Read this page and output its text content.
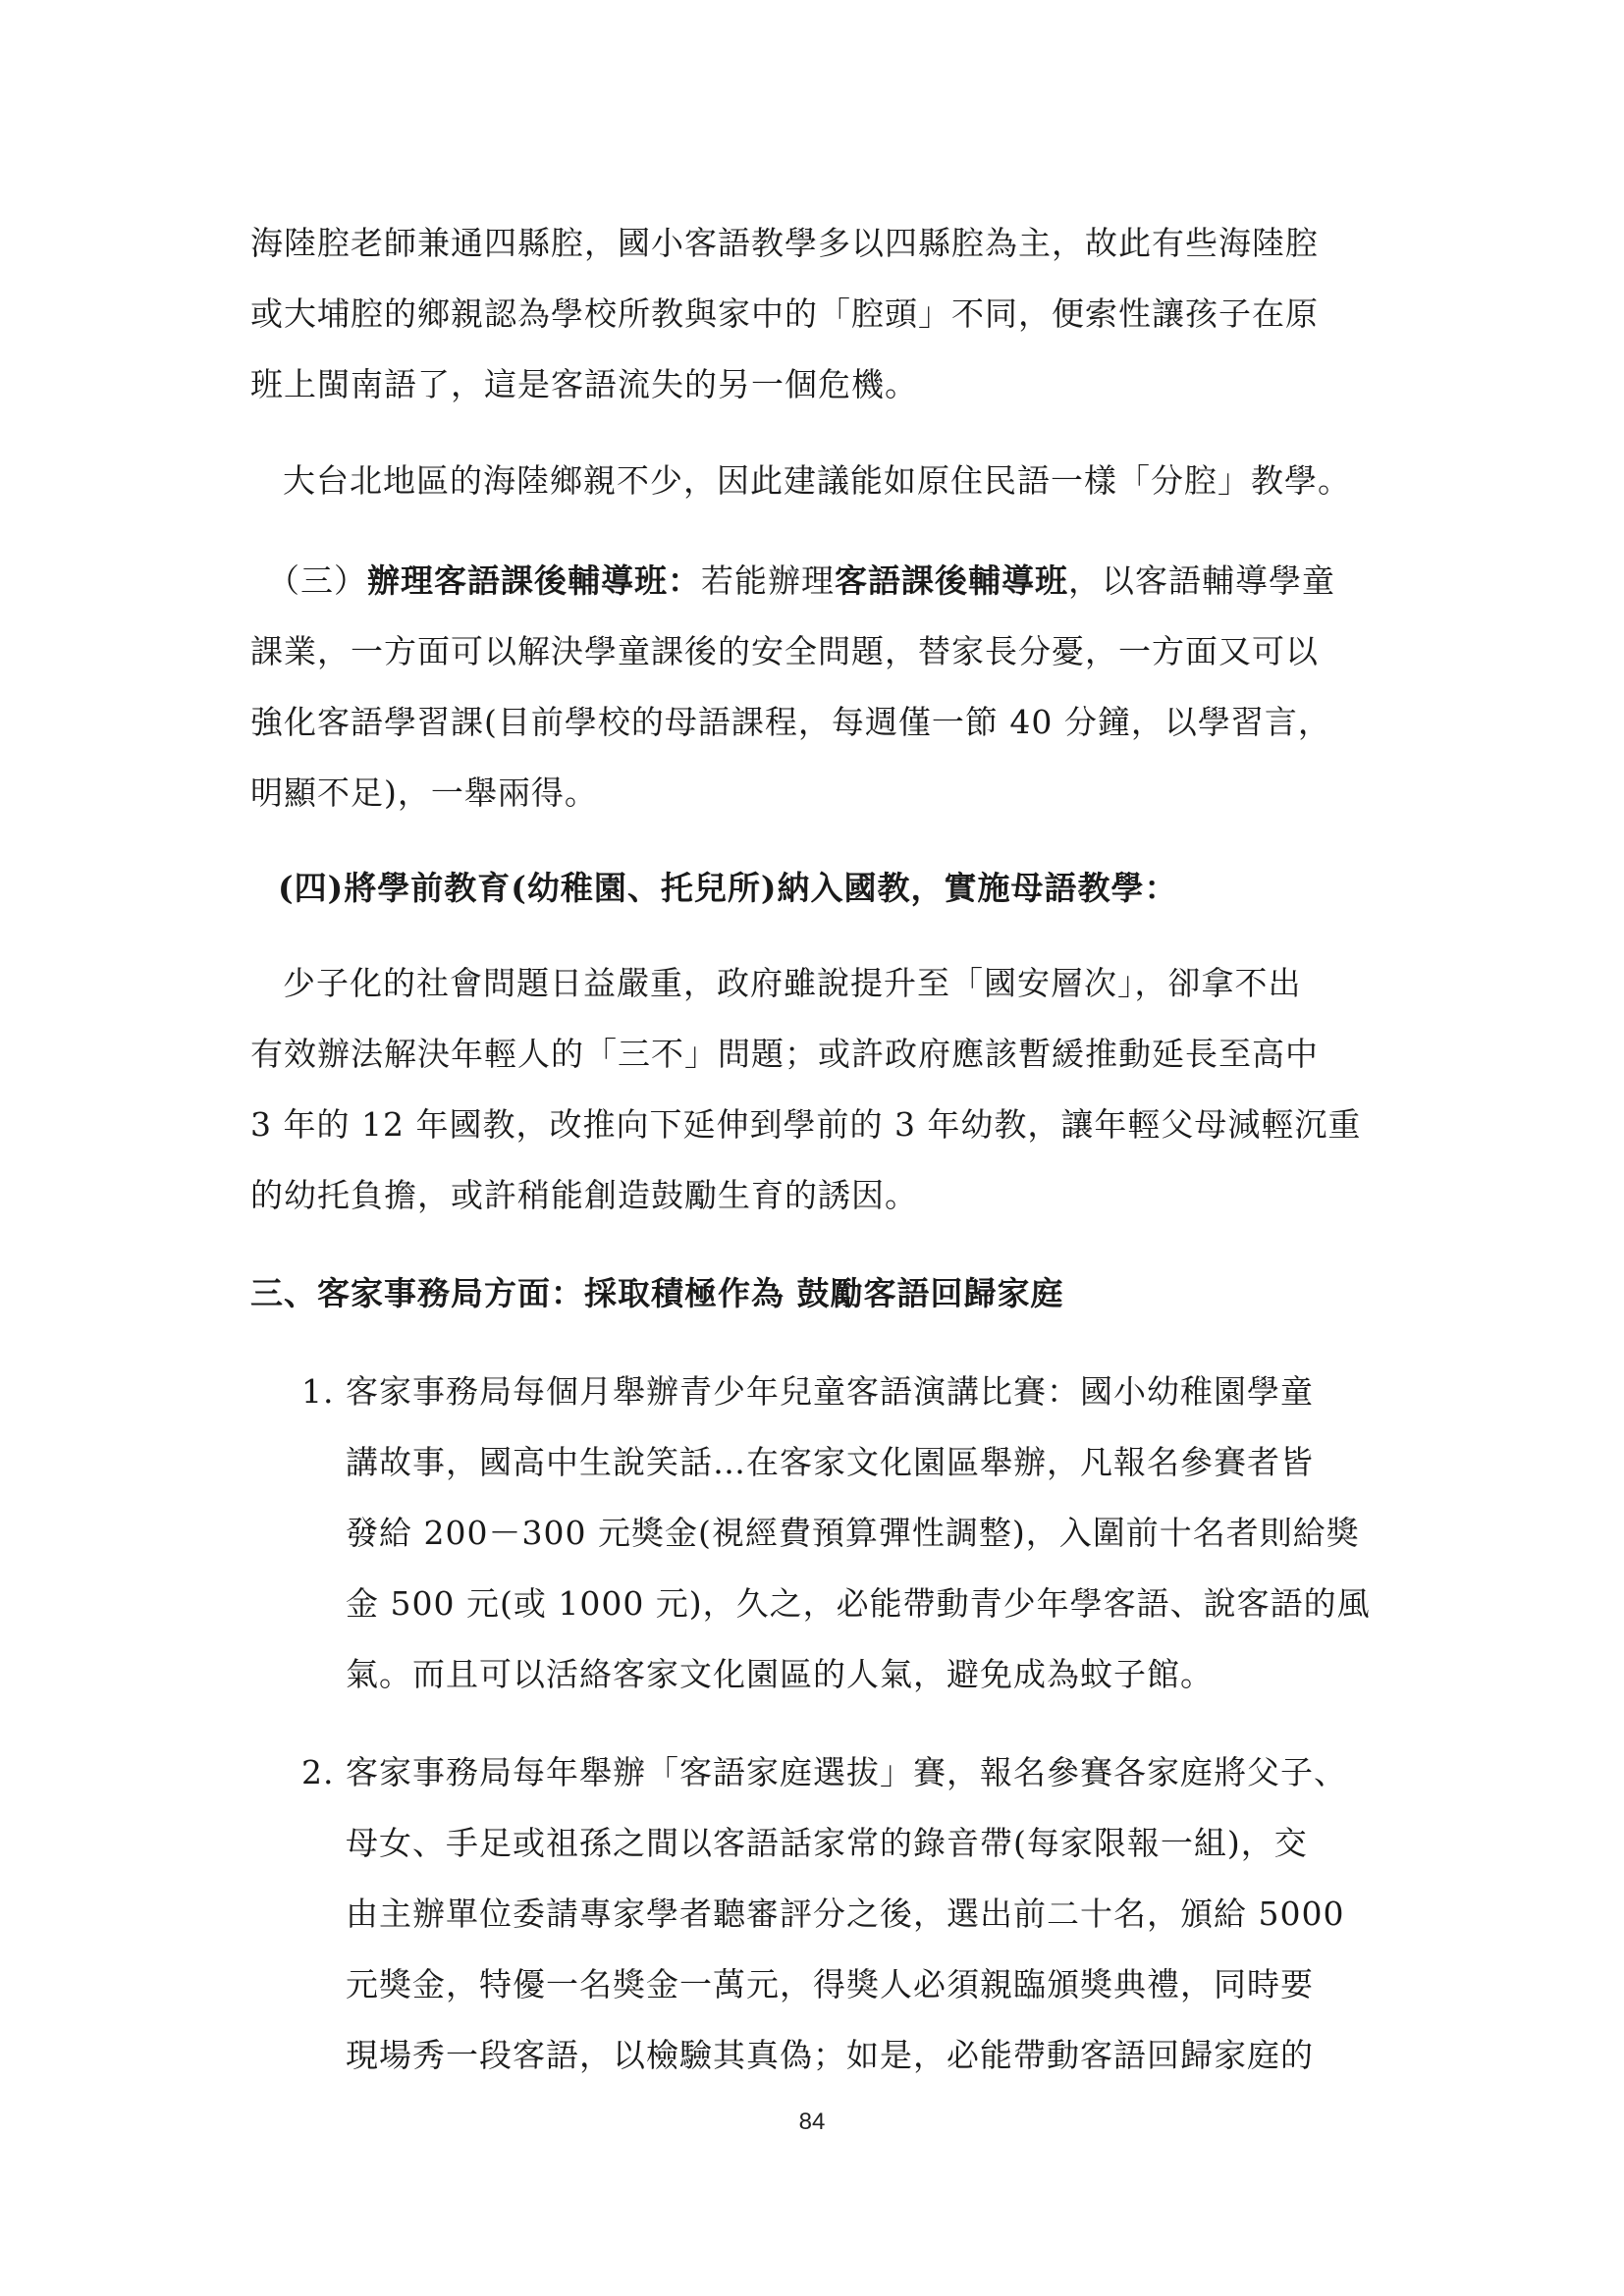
海陸腔老師兼通四縣腔，國小客語教學多以四縣腔為主，故此有些海陸腔
或大埔腔的鄉親認為學校所教與家中的「腔頭」不同，便索性讓孩子在原
班上閩南語了，這是客語流失的另一個危機。
大台北地區的海陸鄉親不少，因此建議能如原住民語一樣「分腔」教學。
（三）辦理客語課後輔導班：若能辦理客語課後輔導班，以客語輔導學童
課業，一方面可以解決學童課後的安全問題，替家長分憂，一方面又可以
強化客語學習課(目前學校的母語課程，每週僅一節 40 分鐘，以學習言，
明顯不足)，一舉兩得。
(四)將學前教育(幼稚園、托兒所)納入國教，實施母語教學：
少子化的社會問題日益嚴重，政府雖說提升至「國安層次」，卻拿不出
有效辦法解決年輕人的「三不」問題；或許政府應該暫緩推動延長至高中
3 年的 12 年國教，改推向下延伸到學前的 3 年幼教，讓年輕父母減輕沉重
的幼托負擔，或許稍能創造鼓勵生育的誘因。
三、客家事務局方面：採取積極作為 鼓勵客語回歸家庭
1. 客家事務局每個月舉辦青少年兒童客語演講比賽：國小幼稚園學童
講故事，國高中生說笑話…在客家文化園區舉辦，凡報名參賽者皆
發給 200－300 元獎金(視經費預算彈性調整)，入圍前十名者則給獎
金 500 元(或 1000 元)，久之，必能帶動青少年學客語、說客語的風
氣。而且可以活絡客家文化園區的人氣，避免成為蚊子館。
2. 客家事務局每年舉辦「客語家庭選拔」賽，報名參賽各家庭將父子、
母女、手足或祖孫之間以客語話家常的錄音帶(每家限報一組)，交
由主辦單位委請專家學者聽審評分之後，選出前二十名，頒給 5000
元獎金，特優一名獎金一萬元，得獎人必須親臨頒獎典禮，同時要
現場秀一段客語，以檢驗其真偽；如是，必能帶動客語回歸家庭的
84
